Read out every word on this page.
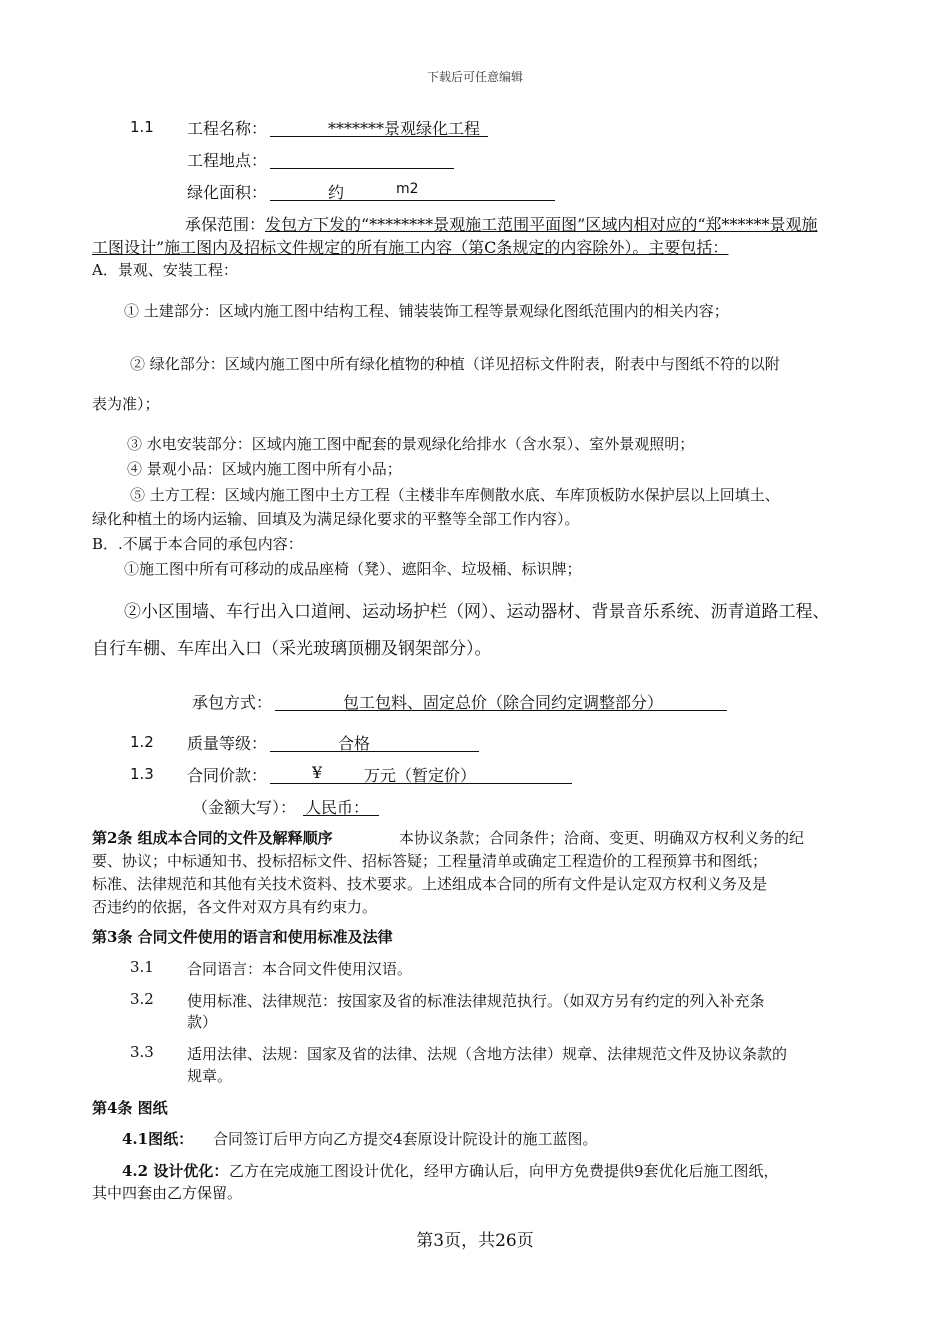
下载后可任意编辑
1.1 工程名称：	*******景观绿化工程
工程地点：
绿化面积：	约	m2
承保范围： 发包方下发的“********景观施工范围平面图”区域内相对应的“郑******景观施
工图设计”施工图内及招标文件规定的所有施工内容（第C条规定的内容除外）。主要包括：
A．景观、安装工程：
① 土建部分：区域内施工图中结构工程、铺装装饰工程等景观绿化图纸范围内的相关内容；
② 绿化部分：区域内施工图中所有绿化植物的种植（详见招标文件附表，附表中与图纸不符的以附
表为准）；
③ 水电安装部分：区域内施工图中配套的景观绿化给排水（含水泵）、室外景观照明；
④ 景观小品：区域内施工图中所有小品；
⑤ 土方工程：区域内施工图中土方工程（主楼非车库侧散水底、车库顶板防水保护层以上回填土、
绿化种植土的场内运输、回填及为满足绿化要求的平整等全部工作内容）。
B．.不属于本合同的承包内容：
①施工图中所有可移动的成品座椅（凳）、遮阳伞、垃圾桶、标识牌；
②小区围墙、车行出入口道闸、运动场护栏（网）、运动器材、背景音乐系统、沥青道路工程、
自行车棚、车库出入口（采光玻璃顶棚及钢架部分）。
承包方式：	包工包料、固定总价（除合同约定调整部分）
1.2 质量等级：	合格
1.3 合同价款：	¥	万元（暂定价）
（金额大写）： 人民币：
第2条 组成本合同的文件及解释顺序	本协议条款；合同条件；洽商、变更、明确双方权利义务的纪
要、协议；中标通知书、投标招标文件、招标答疑；工程量清单或确定工程造价的工程预算书和图纸；
标准、法律规范和其他有关技术资料、技术要求。上述组成本合同的所有文件是认定双方权利义务及是
否违约的依据，各文件对双方具有约束力。
第3条 合同文件使用的语言和使用标准及法律
3.1 合同语言：本合同文件使用汉语。
3.2 使用标准、法律规范：按国家及省的标准法律规范执行。（如双方另有约定的列入补充条
款）
3.3 适用法律、法规：国家及省的法律、法规（含地方法律）规章、法律规范文件及协议条款的
规章。
第4条 图纸
4.1图纸： 合同签订后甲方向乙方提交4套原设计院设计的施工蓝图。
4.2 设计优化： 乙方在完成施工图设计优化，经甲方确认后，向甲方免费提供9套优化后施工图纸，
其中四套由乙方保留。
第3页，共26页
